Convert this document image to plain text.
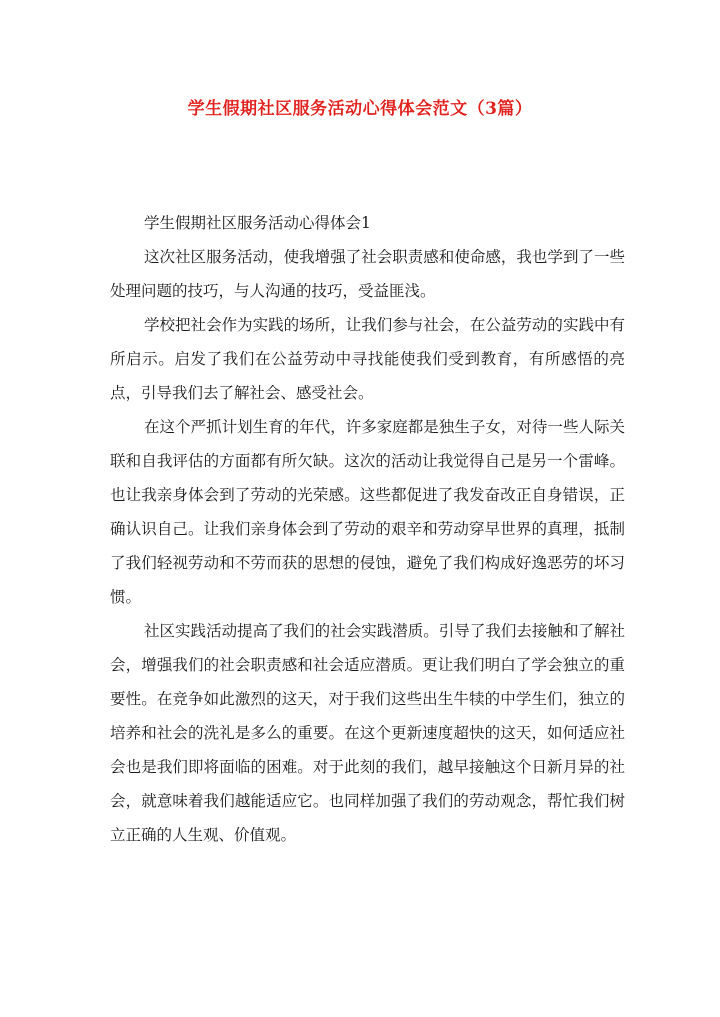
学生假期社区服务活动心得体会范文（3篇）

学生假期社区服务活动心得体会1

这次社区服务活动，使我增强了社会职责感和使命感，我也学到了一些处理问题的技巧，与人沟通的技巧，受益匪浅。

学校把社会作为实践的场所，让我们参与社会，在公益劳动的实践中有所启示。启发了我们在公益劳动中寻找能使我们受到教育，有所感悟的亮点，引导我们去了解社会、感受社会。

在这个严抓计划生育的年代，许多家庭都是独生子女，对待一些人际关联和自我评估的方面都有所欠缺。这次的活动让我觉得自己是另一个雷峰。也让我亲身体会到了劳动的光荣感。这些都促进了我发奋改正自身错误，正确认识自己。让我们亲身体会到了劳动的艰辛和劳动穿早世界的真理，抵制了我们轻视劳动和不劳而获的思想的侵蚀，避免了我们构成好逸恶劳的坏习惯。

社区实践活动提高了我们的社会实践潜质。引导了我们去接触和了解社会，增强我们的社会职责感和社会适应潜质。更让我们明白了学会独立的重要性。在竞争如此激烈的这天，对于我们这些出生牛犊的中学生们，独立的培养和社会的洗礼是多么的重要。在这个更新速度超快的这天，如何适应社会也是我们即将面临的困难。对于此刻的我们，越早接触这个日新月异的社会，就意味着我们越能适应它。也同样加强了我们的劳动观念，帮忙我们树立正确的人生观、价值观。
